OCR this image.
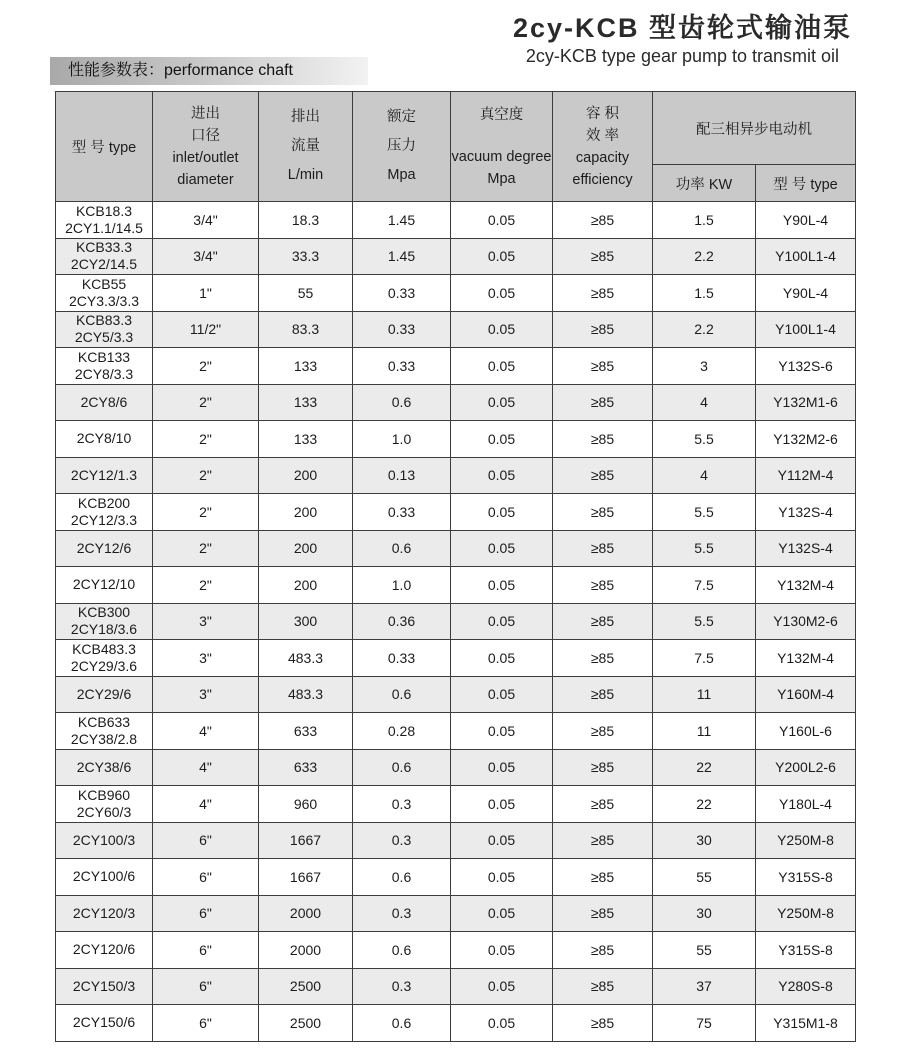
2cy-KCB 型齿轮式输油泵
2cy-KCB type gear pump to transmit oil
性能参数表：performance chaft
型 号 type	
进出
口径
inlet/outlet
diameter

排出
流量
L/min

额定
压力
Mpa

真空度
vacuum degree
Mpa

容 积
效 率
capacity
efficiency
	配三相异步电动机
						功率 KW	型 号 type

KCB18.3
2CY1.1/14.5	3/4"	18.3	1.45	0.05	≥85	1.5	Y90L-4

KCB33.3
2CY2/14.5	3/4"	33.3	1.45	0.05	≥85	2.2	Y100L1-4

KCB55
2CY3.3/3.3	1"	55	0.33	0.05	≥85	1.5	Y90L-4

KCB83.3
2CY5/3.3	11/2"	83.3	0.33	0.05	≥85	2.2	Y100L1-4

KCB133
2CY8/3.3	2"	133	0.33	0.05	≥85	3	Y132S-6

2CY8/6	2"	133	0.6	0.05	≥85	4	Y132M1-6

2CY8/10	2"	133	1.0	0.05	≥85	5.5	Y132M2-6

2CY12/1.3	2"	200	0.13	0.05	≥85	4	Y112M-4

KCB200
2CY12/3.3	2"	200	0.33	0.05	≥85	5.5	Y132S-4

2CY12/6	2"	200	0.6	0.05	≥85	5.5	Y132S-4

2CY12/10	2"	200	1.0	0.05	≥85	7.5	Y132M-4

KCB300
2CY18/3.6	3"	300	0.36	0.05	≥85	5.5	Y130M2-6

KCB483.3
2CY29/3.6	3"	483.3	0.33	0.05	≥85	7.5	Y132M-4

2CY29/6	3"	483.3	0.6	0.05	≥85	11	Y160M-4

KCB633
2CY38/2.8	4"	633	0.28	0.05	≥85	11	Y160L-6

2CY38/6	4"	633	0.6	0.05	≥85	22	Y200L2-6

KCB960
2CY60/3	4"	960	0.3	0.05	≥85	22	Y180L-4

2CY100/3	6"	1667	0.3	0.05	≥85	30	Y250M-8

2CY100/6	6"	1667	0.6	0.05	≥85	55	Y315S-8

2CY120/3	6"	2000	0.3	0.05	≥85	30	Y250M-8

2CY120/6	6"	2000	0.6	0.05	≥85	55	Y315S-8

2CY150/3	6"	2500	0.3	0.05	≥85	37	Y280S-8

2CY150/6	6"	2500	0.6	0.05	≥85	75	Y315M1-8
